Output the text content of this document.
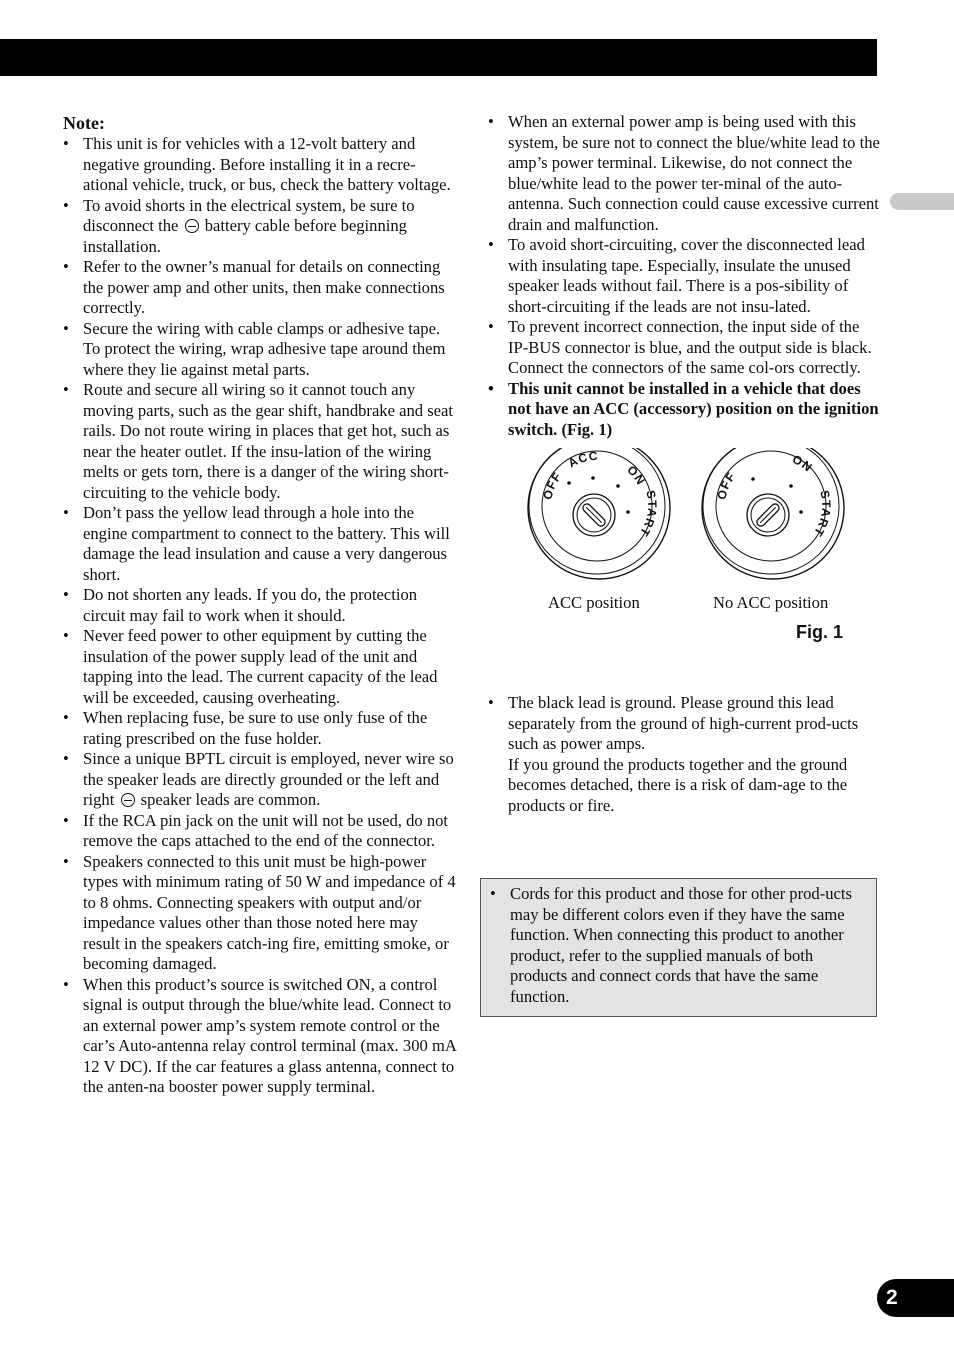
Note:
• This unit is for vehicles with a 12-volt battery and negative grounding. Before installing it in a recre-ational vehicle, truck, or bus, check the battery voltage.
• To avoid shorts in the electrical system, be sure to disconnect the battery cable before beginning installation.
• Refer to the owner’s manual for details on connecting the power amp and other units, then make connections correctly.
• Secure the wiring with cable clamps or adhesive tape. To protect the wiring, wrap adhesive tape around them where they lie against metal parts.
• Route and secure all wiring so it cannot touch any moving parts, such as the gear shift, handbrake and seat rails. Do not route wiring in places that get hot, such as near the heater outlet. If the insu-lation of the wiring melts or gets torn, there is a danger of the wiring short-circuiting to the vehicle body.
• Don’t pass the yellow lead through a hole into the engine compartment to connect to the battery. This will damage the lead insulation and cause a very dangerous short.
• Do not shorten any leads. If you do, the protection circuit may fail to work when it should.
• Never feed power to other equipment by cutting the insulation of the power supply lead of the unit and tapping into the lead. The current capacity of the lead will be exceeded, causing overheating.
• When replacing fuse, be sure to use only fuse of the rating prescribed on the fuse holder.
• Since a unique BPTL circuit is employed, never wire so the speaker leads are directly grounded or the left and right speaker leads are common.
• If the RCA pin jack on the unit will not be used, do not remove the caps attached to the end of the connector.
• Speakers connected to this unit must be high-power types with minimum rating of 50 W and impedance of 4 to 8 ohms. Connecting speakers with output and/or impedance values other than those noted here may result in the speakers catch-ing fire, emitting smoke, or becoming damaged.
• When this product’s source is switched ON, a control signal is output through the blue/white lead. Connect to an external power amp’s system remote control or the car’s Auto-antenna relay control terminal (max. 300 mA 12 V DC). If the car features a glass antenna, connect to the anten-na booster power supply terminal.
• When an external power amp is being used with this system, be sure not to connect the blue/white lead to the amp’s power terminal. Likewise, do not connect the blue/white lead to the power ter-minal of the auto-antenna. Such connection could cause excessive current drain and malfunction.
• To avoid short-circuiting, cover the disconnected lead with insulating tape. Especially, insulate the unused speaker leads without fail. There is a pos-sibility of short-circuiting if the leads are not insu-lated.
• To prevent incorrect connection, the input side of the IP-BUS connector is blue, and the output side is black. Connect the connectors of the same col-ors correctly.
• This unit cannot be installed in a vehicle that does not have an ACC (accessory) position on the ignition switch. (Fig. 1)
OFF
ACC
ON
START
OFF
ON
START
ACC position	No ACC position
Fig. 1
• The black lead is ground. Please ground this lead separately from the ground of high-current prod-ucts such as power amps.
If you ground the products together and the ground becomes detached, there is a risk of dam-age to the products or fire.
• Cords for this product and those for other prod-ucts may be different colors even if they have the same function. When connecting this product to another product, refer to the supplied manuals of both products and connect cords that have the same function.
2
